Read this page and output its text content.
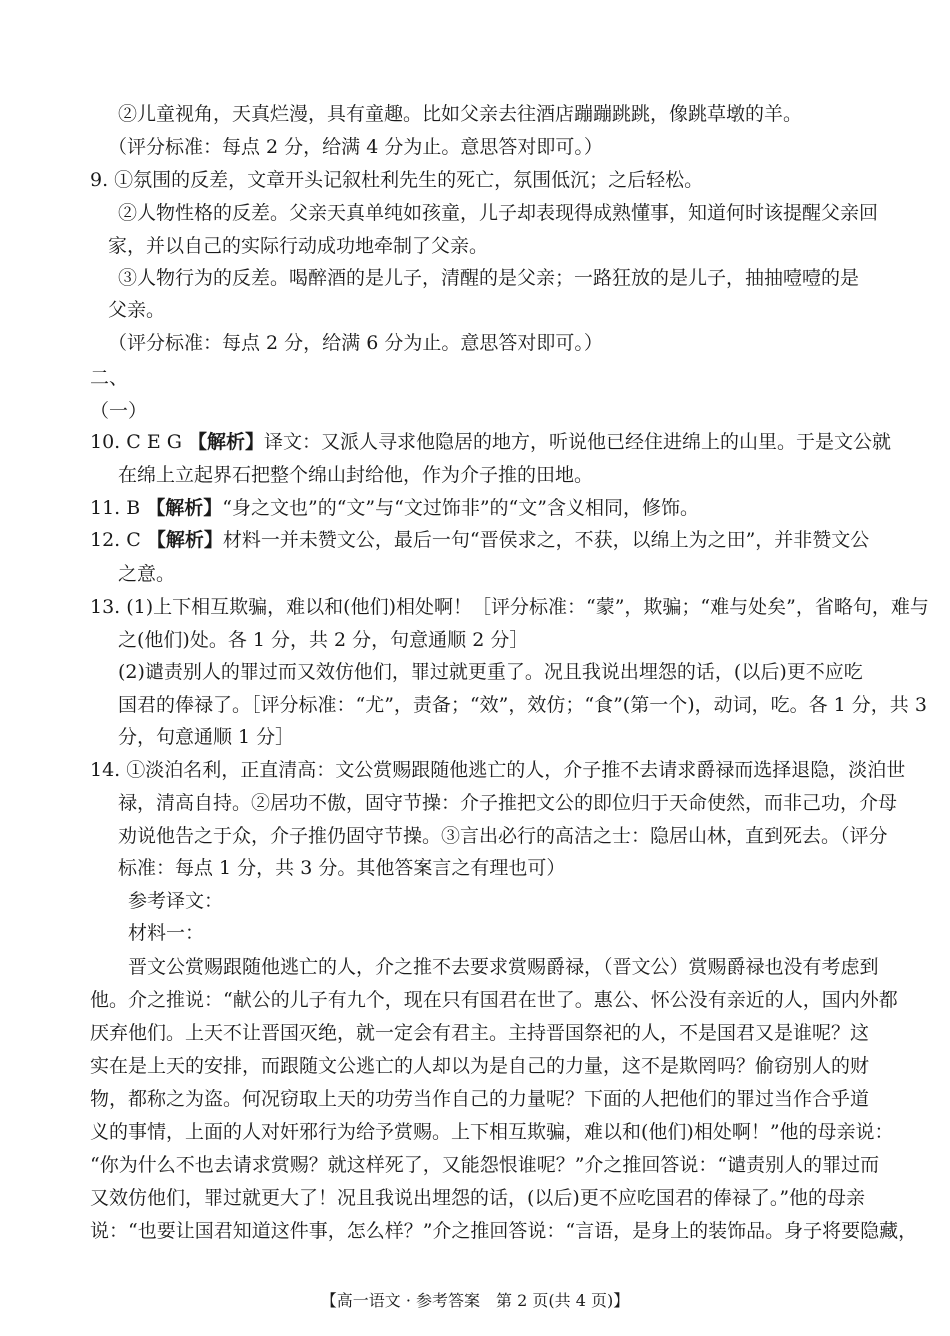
②儿童视角，天真烂漫，具有童趣。比如父亲去往酒店蹦蹦跳跳，像跳草墩的羊。
（评分标准：每点 2 分，给满 4 分为止。意思答对即可。）
9. ①氛围的反差，文章开头记叙杜利先生的死亡，氛围低沉；之后轻松。
②人物性格的反差。父亲天真单纯如孩童，儿子却表现得成熟懂事，知道何时该提醒父亲回
家，并以自己的实际行动成功地牵制了父亲。
③人物行为的反差。喝醉酒的是儿子，清醒的是父亲；一路狂放的是儿子，抽抽噎噎的是
父亲。
（评分标准：每点 2 分，给满 6 分为止。意思答对即可。）
二、
（一）
10. C E G 【解析】译文：又派人寻求他隐居的地方，听说他已经住进绵上的山里。于是文公就
在绵上立起界石把整个绵山封给他，作为介子推的田地。
11. B 【解析】“身之文也”的“文”与“文过饰非”的“文”含义相同，修饰。
12. C 【解析】材料一并未赞文公，最后一句“晋侯求之，不获，以绵上为之田”，并非赞文公
之意。
13. (1)上下相互欺骗，难以和(他们)相处啊！［评分标准：“蒙”，欺骗；“难与处矣”，省略句，难与
之(他们)处。各 1 分，共 2 分，句意通顺 2 分］
(2)谴责别人的罪过而又效仿他们，罪过就更重了。况且我说出埋怨的话，(以后)更不应吃
国君的俸禄了。［评分标准：“尤”，责备；“效”，效仿；“食”(第一个)，动词，吃。各 1 分，共 3
分，句意通顺 1 分］
14. ①淡泊名利，正直清高：文公赏赐跟随他逃亡的人，介子推不去请求爵禄而选择退隐，淡泊世
禄，清高自持。②居功不傲，固守节操：介子推把文公的即位归于天命使然，而非己功，介母
劝说他告之于众，介子推仍固守节操。③言出必行的高洁之士：隐居山林，直到死去。（评分
标准：每点 1 分，共 3 分。其他答案言之有理也可）
参考译文：
材料一：
晋文公赏赐跟随他逃亡的人，介之推不去要求赏赐爵禄，（晋文公）赏赐爵禄也没有考虑到
他。介之推说：“献公的儿子有九个，现在只有国君在世了。惠公、怀公没有亲近的人，国内外都
厌弃他们。上天不让晋国灭绝，就一定会有君主。主持晋国祭祀的人，不是国君又是谁呢？这
实在是上天的安排，而跟随文公逃亡的人却以为是自己的力量，这不是欺罔吗？偷窃别人的财
物，都称之为盗。何况窃取上天的功劳当作自己的力量呢？下面的人把他们的罪过当作合乎道
义的事情，上面的人对奸邪行为给予赏赐。上下相互欺骗，难以和(他们)相处啊！”他的母亲说：
“你为什么不也去请求赏赐？就这样死了，又能怨恨谁呢？”介之推回答说：“谴责别人的罪过而
又效仿他们，罪过就更大了！况且我说出埋怨的话，(以后)更不应吃国君的俸禄了。”他的母亲
说：“也要让国君知道这件事，怎么样？”介之推回答说：“言语，是身上的装饰品。身子将要隐藏，
【高一语文 · 参考答案　第 2 页(共 4 页)】
